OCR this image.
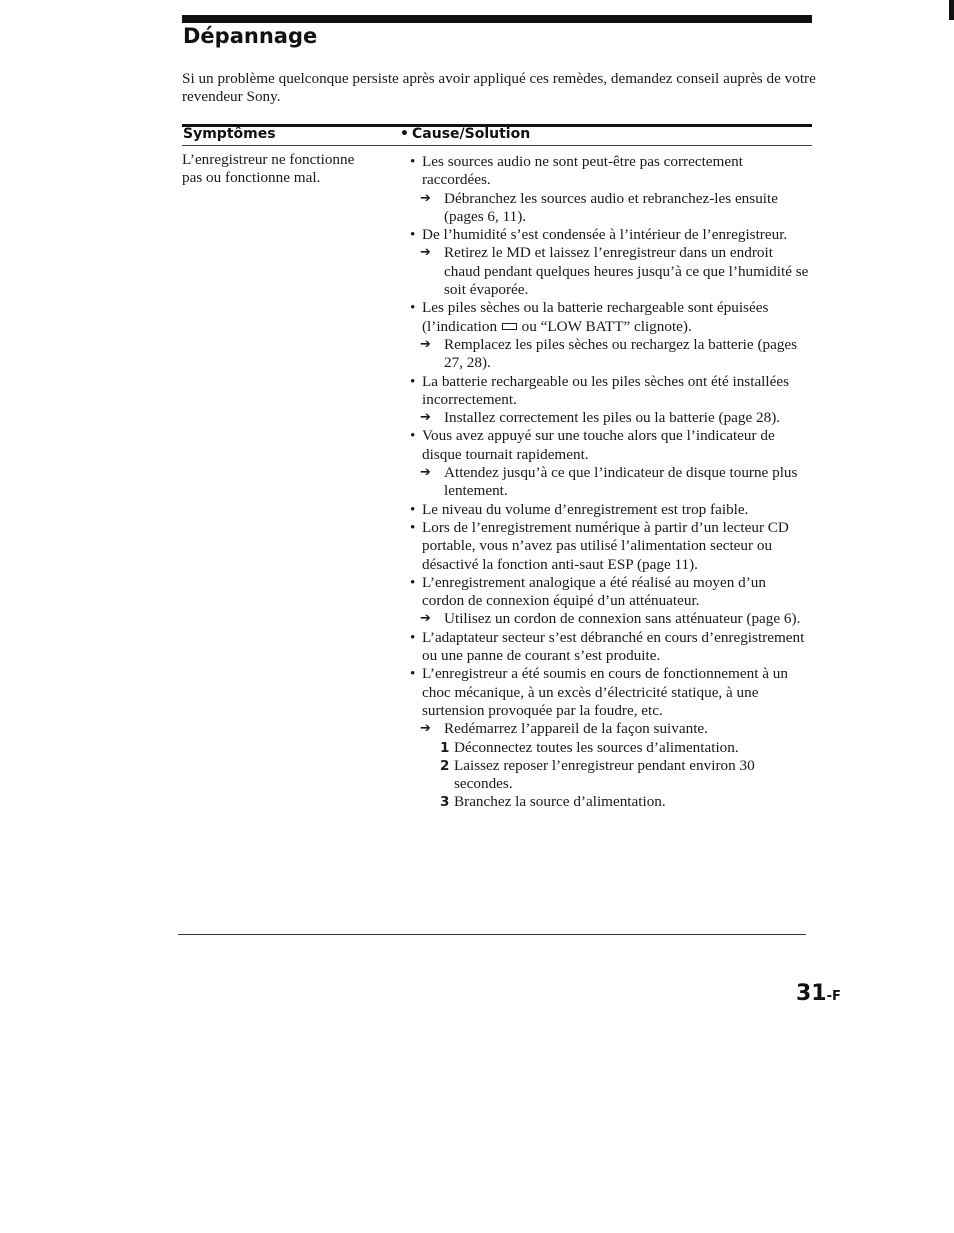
Dépannage

Si un problème quelconque persiste après avoir appliqué ces remèdes, demandez conseil auprès de votre revendeur Sony.

Symptômes
•	Cause/Solution
L’enregistreur ne fonctionne pas ou fonctionne mal.
• Les sources audio ne sont peut-être pas correctement raccordées.
➔ Débranchez les sources audio et rebranchez-les ensuite (pages 6, 11).
• De l’humidité s’est condensée à l’intérieur de l’enregistreur.
➔ Retirez le MD et laissez l’enregistreur dans un endroit chaud pendant quelques heures jusqu’à ce que l’humidité se soit évaporée.
• Les piles sèches ou la batterie rechargeable sont épuisées (l’indication ou “LOW BATT” clignote).
➔ Remplacez les piles sèches ou rechargez la batterie (pages 27, 28).
• La batterie rechargeable ou les piles sèches ont été installées incorrectement.
➔ Installez correctement les piles ou la batterie (page 28).
• Vous avez appuyé sur une touche alors que l’indicateur de disque tournait rapidement.
➔ Attendez jusqu’à ce que l’indicateur de disque tourne plus lentement.
• Le niveau du volume d’enregistrement est trop faible.
• Lors de l’enregistrement numérique à partir d’un lecteur CD portable, vous n’avez pas utilisé l’alimentation secteur ou désactivé la fonction anti-saut ESP (page 11).
• L’enregistrement analogique a été réalisé au moyen d’un cordon de connexion équipé d’un atténuateur.
➔ Utilisez un cordon de connexion sans atténuateur (page 6).
• L’adaptateur secteur s’est débranché en cours d’enregistrement ou une panne de courant s’est produite.
• L’enregistreur a été soumis en cours de fonctionnement à un choc mécanique, à un excès d’électricité statique, à une surtension provoquée par la foudre, etc.
➔ Redémarrez l’appareil de la façon suivante.
1 Déconnectez toutes les sources d’alimentation.
2 Laissez reposer l’enregistreur pendant environ 30 secondes.
3 Branchez la source d’alimentation.
31-F
